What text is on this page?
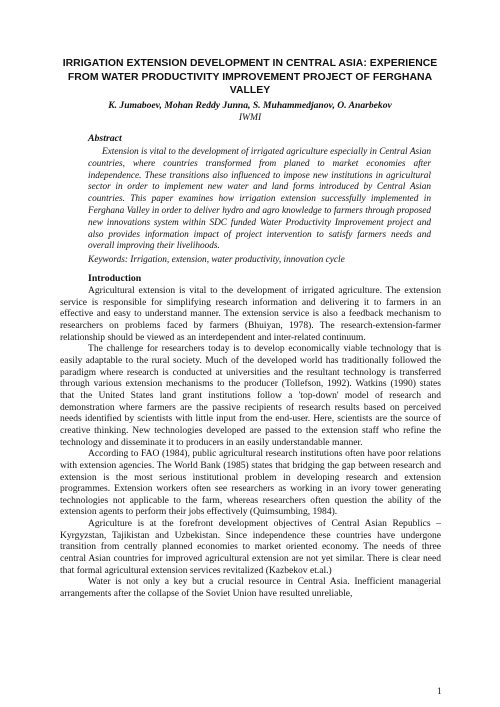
IRRIGATION EXTENSION DEVELOPMENT IN CENTRAL ASIA: EXPERIENCE FROM WATER PRODUCTIVITY IMPROVEMENT PROJECT OF FERGHANA VALLEY
K. Jumaboev, Mohan Reddy Junna, S. Muhammedjanov, O. Anarbekov
IWMI
Abstract

Extension is vital to the development of irrigated agriculture especially in Central Asian countries, where countries transformed from planed to market economies after independence. These transitions also influenced to impose new institutions in agricultural sector in order to implement new water and land forms introduced by Central Asian countries. This paper examines how irrigation extension successfully implemented in Ferghana Valley in order to deliver hydro and agro knowledge to farmers through proposed new innovations system within SDC funded Water Productivity Improvement project and also provides information impact of project intervention to satisfy farmers needs and overall improving their livelihoods.

Keywords: Irrigation, extension, water productivity, innovation cycle
Introduction

Agricultural extension is vital to the development of irrigated agriculture. The extension service is responsible for simplifying research information and delivering it to farmers in an effective and easy to understand manner. The extension service is also a feedback mechanism to researchers on problems faced by farmers (Bhuiyan, 1978). The research-extension-farmer relationship should be viewed as an interdependent and inter-related continuum.

The challenge for researchers today is to develop economically viable technology that is easily adaptable to the rural society. Much of the developed world has traditionally followed the paradigm where research is conducted at universities and the resultant technology is transferred through various extension mechanisms to the producer (Tollefson, 1992). Watkins (1990) states that the United States land grant institutions follow a 'top-down' model of research and demonstration where farmers are the passive recipients of research results based on perceived needs identified by scientists with little input from the end-user. Here, scientists are the source of creative thinking. New technologies developed are passed to the extension staff who refine the technology and disseminate it to producers in an easily understandable manner.

According to FAO (1984), public agricultural research institutions often have poor relations with extension agencies. The World Bank (1985) states that bridging the gap between research and extension is the most serious institutional problem in developing research and extension programmes. Extension workers often see researchers as working in an ivory tower generating technologies not applicable to the farm, whereas researchers often question the ability of the extension agents to perform their jobs effectively (Quimsumbing, 1984).

Agriculture is at the forefront development objectives of Central Asian Republics – Kyrgyzstan, Tajikistan and Uzbekistan. Since independence these countries have undergone transition from centrally planned economies to market oriented economy. The needs of three central Asian countries for improved agricultural extension are not yet similar. There is clear need that formal agricultural extension services revitalized (Kazbekov et.al.)

Water is not only a key but a crucial resource in Central Asia. Inefficient managerial arrangements after the collapse of the Soviet Union have resulted unreliable,

1
